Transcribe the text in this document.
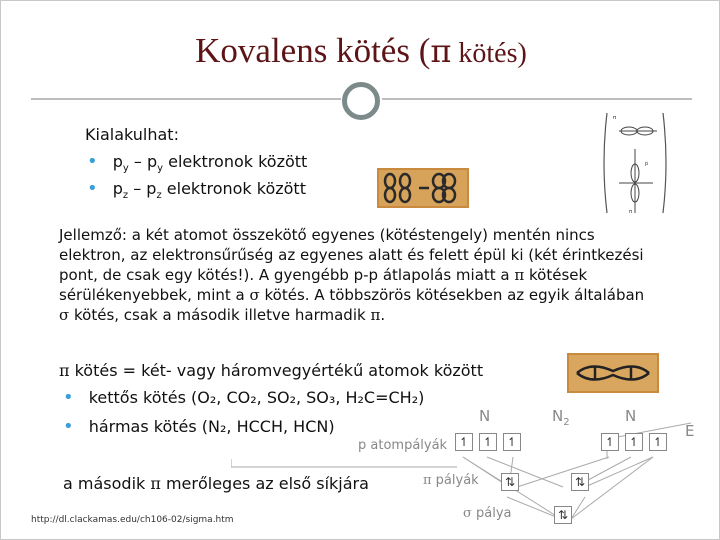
Kovalens kötés (π kötés)
Kialakulhat:
• $p_y - p_y$ elektronok között
• $p_z - p_z$ elektronok között
π
p
π
Jellemző: a két atomot összekötő egyenes (kötéstengely) mentén nincs
elektron, az elektronsűrűség az egyenes alatt és felett épül ki (két érintkezési
pont, de csak egy kötés!). A gyengébb p-p átlapolás miatt a π kötések
sérülékenyebbek, mint a σ kötés. A többszörös kötésekben az egyik általában
σ kötés, csak a második illetve harmadik π.
π kötés = két- vagy háromvegyértékű atomok között
• kettős kötés (O₂, CO₂, SO₂, SO₃, H₂C=CH₂)
• hármas kötés (N₂, HCCH, HCN)
a második π merőleges az első síkjára
N	$N_2$	N
E
p atompályák
π pályák
σ pálya
↿	↿	↿	↿	↿	↿
⇅	⇅
⇅
http://dl.clackamas.edu/ch106-02/sigma.htm
